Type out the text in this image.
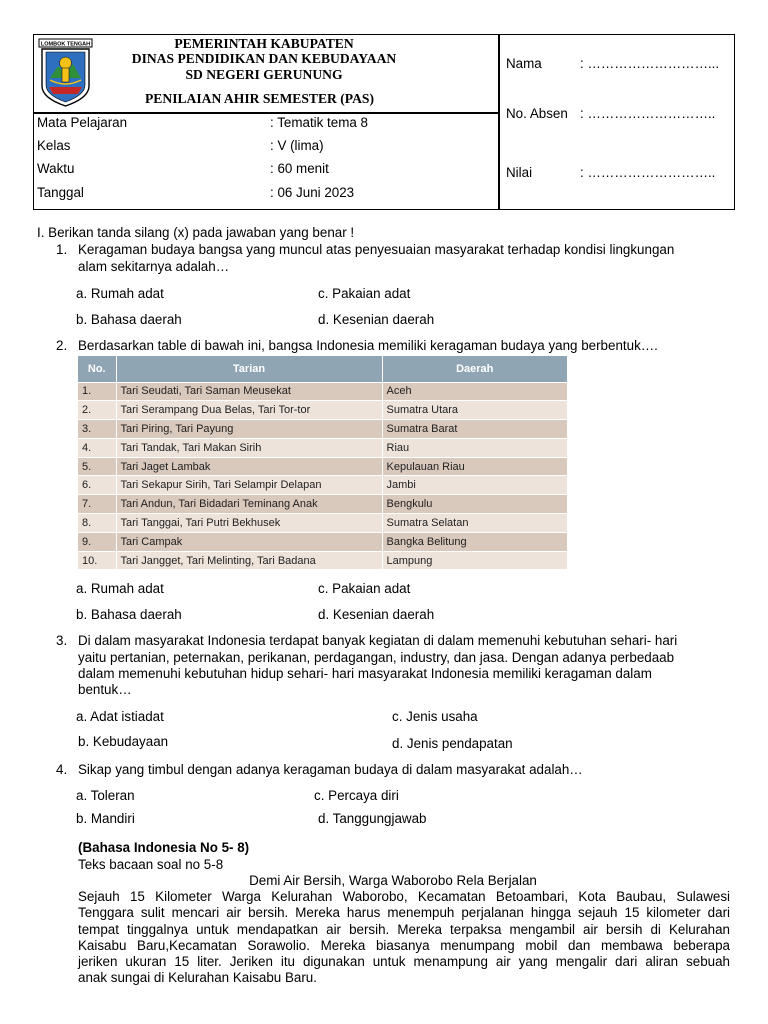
LOMBOK TENGAH	PEMERINTAH KABUPATEN
DINAS PENDIDIKAN DAN KEBUDAYAAN
SD NEGERI GERUNUNG
PENILAIAN AHIR SEMESTER (PAS)
Mata Pelajaran	: Tematik tema 8
Kelas	: V (lima)
Waktu	: 60 menit
Tanggal	: 06 Juni 2023
Nama	: ………………………...
No. Absen : ………………………..
Nilai	: ………………………..
I. Berikan tanda silang (x) pada jawaban yang benar !
1. Keragaman budaya bangsa yang muncul atas penyesuaian masyarakat terhadap kondisi lingkungan
alam sekitarnya adalah…
a. Rumah adat
b. Bahasa daerah
c. Pakaian adat
d. Kesenian daerah
2. Berdasarkan table di bawah ini, bangsa Indonesia memiliki keragaman budaya yang berbentuk….
No.	Tarian	Daerah
1.	Tari Seudati, Tari Saman Meusekat	Aceh
2.	Tari Serampang Dua Belas, Tari Tor-tor	Sumatra Utara
3.	Tari Piring, Tari Payung	Sumatra Barat
4.	Tari Tandak, Tari Makan Sirih	Riau
5.	Tari Jaget Lambak	Kepulauan Riau
6.	Tari Sekapur Sirih, Tari Selampir Delapan	Jambi
7.	Tari Andun, Tari Bidadari Teminang Anak	Bengkulu
8.	Tari Tanggai, Tari Putri Bekhusek	Sumatra Selatan
9.	Tari Campak	Bangka Belitung
10.	Tari Jangget, Tari Melinting, Tari Badana	Lampung
a. Rumah adat
b. Bahasa daerah
c. Pakaian adat
d. Kesenian daerah
3. Di dalam masyarakat Indonesia terdapat banyak kegiatan di dalam memenuhi kebutuhan sehari- hari
yaitu pertanian, peternakan, perikanan, perdagangan, industry, dan jasa. Dengan adanya perbedaab
dalam memenuhi kebutuhan hidup sehari- hari masyarakat Indonesia memiliki keragaman dalam
bentuk…
a. Adat istiadat
b. Kebudayaan
c. Jenis usaha
d. Jenis pendapatan
4. Sikap yang timbul dengan adanya keragaman budaya di dalam masyarakat adalah…
a. Toleran
b. Mandiri
c. Percaya diri
d. Tanggungjawab
(Bahasa Indonesia No 5- 8)
Teks bacaan soal no 5-8
Demi Air Bersih, Warga Waborobo Rela Berjalan
Sejauh 15 Kilometer Warga Kelurahan Waborobo, Kecamatan Betoambari, Kota Baubau, Sulawesi
Tenggara sulit mencari air bersih. Mereka harus menempuh perjalanan hingga sejauh 15 kilometer dari
tempat tinggalnya untuk mendapatkan air bersih. Mereka terpaksa mengambil air bersih di Kelurahan
Kaisabu Baru,Kecamatan Sorawolio. Mereka biasanya menumpang mobil dan membawa beberapa
jeriken ukuran 15 liter. Jeriken itu digunakan untuk menampung air yang mengalir dari aliran sebuah
anak sungai di Kelurahan Kaisabu Baru.
